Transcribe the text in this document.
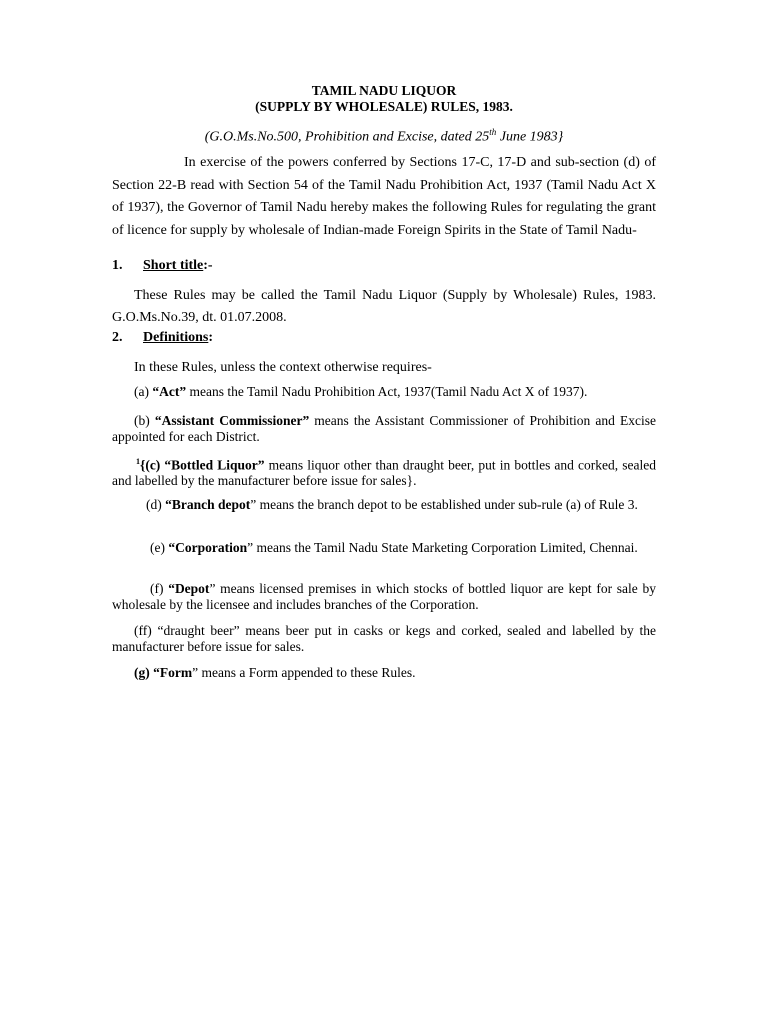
TAMIL NADU LIQUOR
(SUPPLY BY WHOLESALE) RULES, 1983.
(G.O.Ms.No.500, Prohibition and Excise, dated 25th June 1983}
In exercise of the powers conferred by Sections 17-C, 17-D and sub-section (d) of Section 22-B read with Section 54 of the Tamil Nadu Prohibition Act, 1937 (Tamil Nadu Act X of 1937), the Governor of Tamil Nadu hereby makes the following Rules for regulating the grant of licence for supply by wholesale of Indian-made Foreign Spirits in the State of Tamil Nadu-
1. Short title:-
These Rules may be called the Tamil Nadu Liquor (Supply by Wholesale) Rules, 1983. G.O.Ms.No.39, dt. 01.07.2008.
2. Definitions:
In these Rules, unless the context otherwise requires-
(a) “Act” means the Tamil Nadu Prohibition Act, 1937(Tamil Nadu Act X of 1937).
(b) “Assistant Commissioner” means the Assistant Commissioner of Prohibition and Excise appointed for each District.
$^1${(c) “Bottled Liquor” means liquor other than draught beer, put in bottles and corked, sealed and labelled by the manufacturer before issue for sales}.
(d) “Branch depot” means the branch depot to be established under sub-rule (a) of Rule 3.
(e) “Corporation” means the Tamil Nadu State Marketing Corporation Limited, Chennai.
(f) “Depot” means licensed premises in which stocks of bottled liquor are kept for sale by wholesale by the licensee and includes branches of the Corporation.
(ff) “draught beer” means beer put in casks or kegs and corked, sealed and labelled by the manufacturer before issue for sales.
(g) “Form” means a Form appended to these Rules.
